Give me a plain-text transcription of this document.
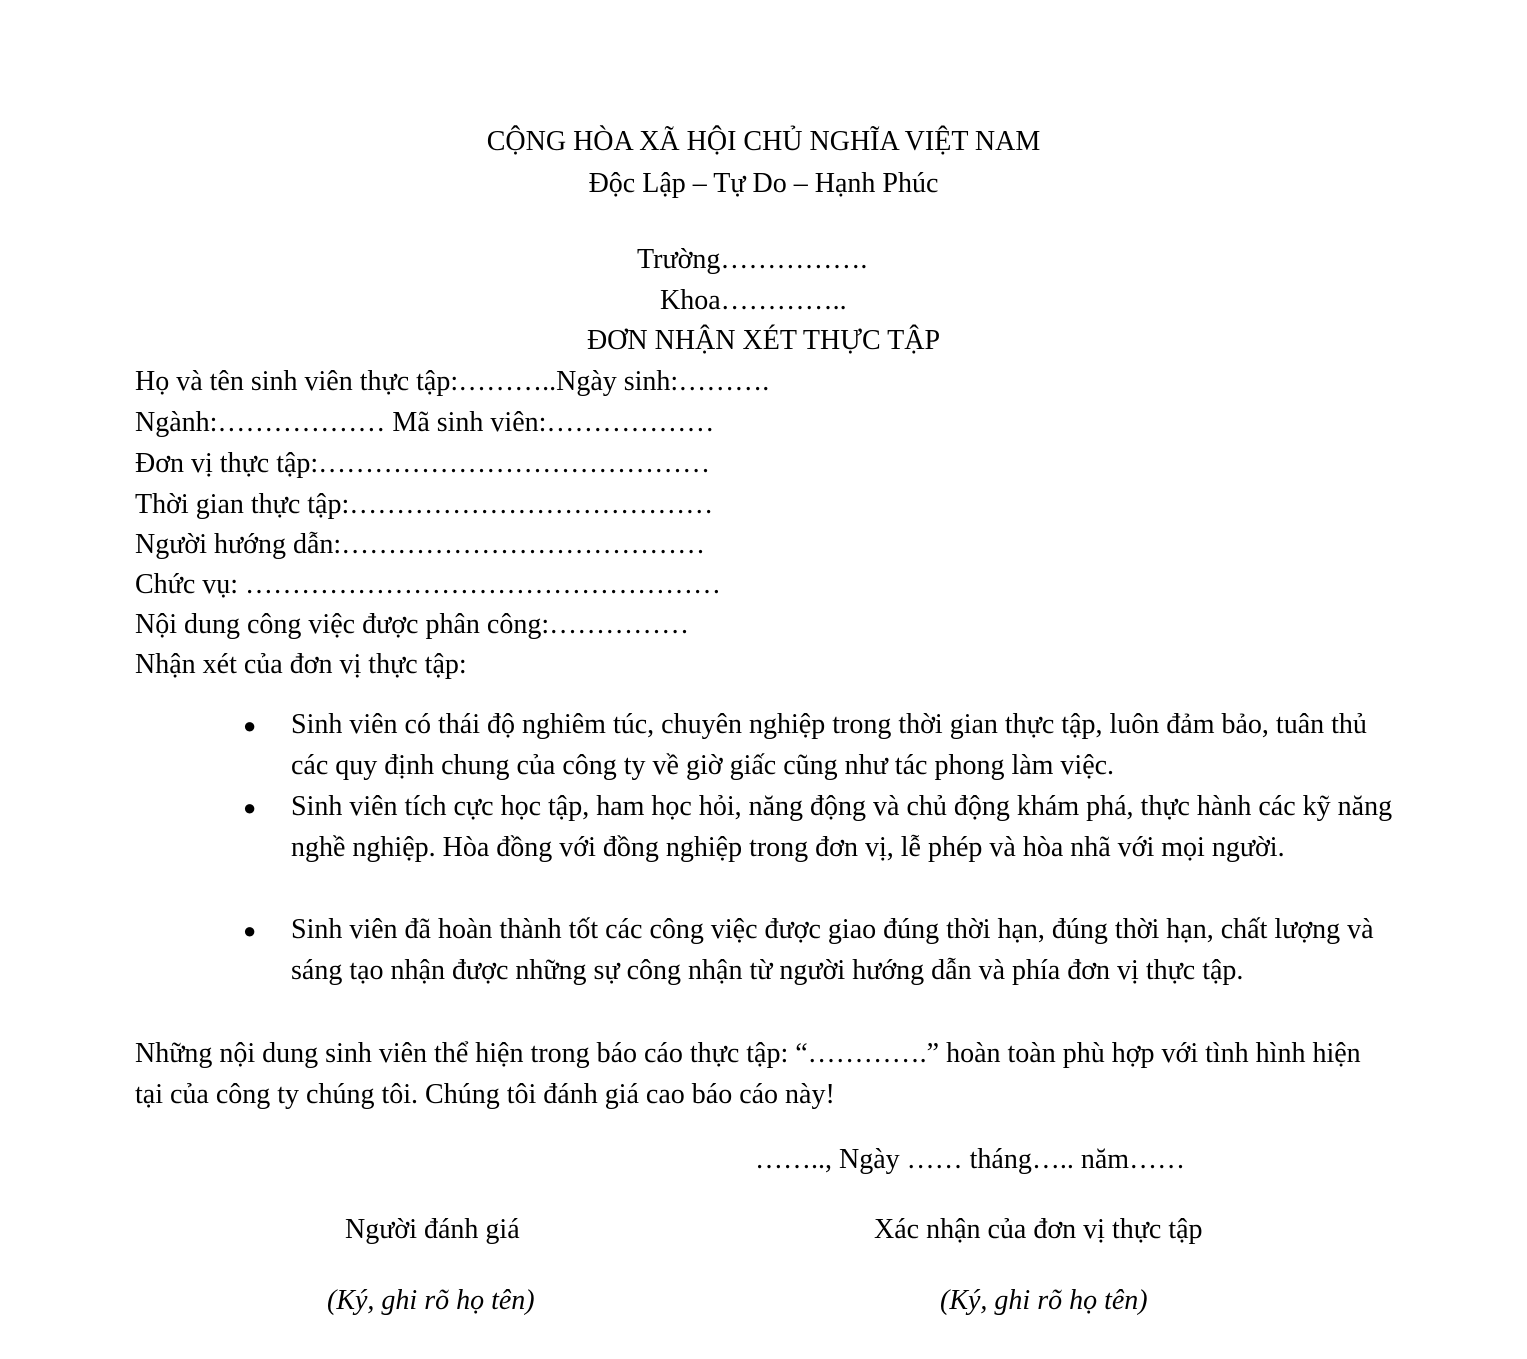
CỘNG HÒA XÃ HỘI CHỦ NGHĨA VIỆT NAM
Độc Lập – Tự Do – Hạnh Phúc
Trường…………….
Khoa…………..
ĐƠN NHẬN XÉT THỰC TẬP
Họ và tên sinh viên thực tập:………..Ngày sinh:……….
Ngành:……………… Mã sinh viên:………………
Đơn vị thực tập:……………………………………
Thời gian thực tập:…………………………………
Người hướng dẫn:…………………………………
Chức vụ: ……………………………………………
Nội dung công việc được phân công:……………
Nhận xét của đơn vị thực tập:
● Sinh viên có thái độ nghiêm túc, chuyên nghiệp trong thời gian thực tập, luôn đảm bảo, tuân thủ các quy định chung của công ty về giờ giấc cũng như tác phong làm việc.
● Sinh viên tích cực học tập, ham học hỏi, năng động và chủ động khám phá, thực hành các kỹ năng nghề nghiệp. Hòa đồng với đồng nghiệp trong đơn vị, lễ phép và hòa nhã với mọi người.
● Sinh viên đã hoàn thành tốt các công việc được giao đúng thời hạn, đúng thời hạn, chất lượng và sáng tạo nhận được những sự công nhận từ người hướng dẫn và phía đơn vị thực tập.
Những nội dung sinh viên thể hiện trong báo cáo thực tập: “………….” hoàn toàn phù hợp với tình hình hiện tại của công ty chúng tôi. Chúng tôi đánh giá cao báo cáo này!
…….., Ngày …… tháng….. năm……
Người đánh giá	Xác nhận của đơn vị thực tập
(Ký, ghi rõ họ tên)	(Ký, ghi rõ họ tên)
